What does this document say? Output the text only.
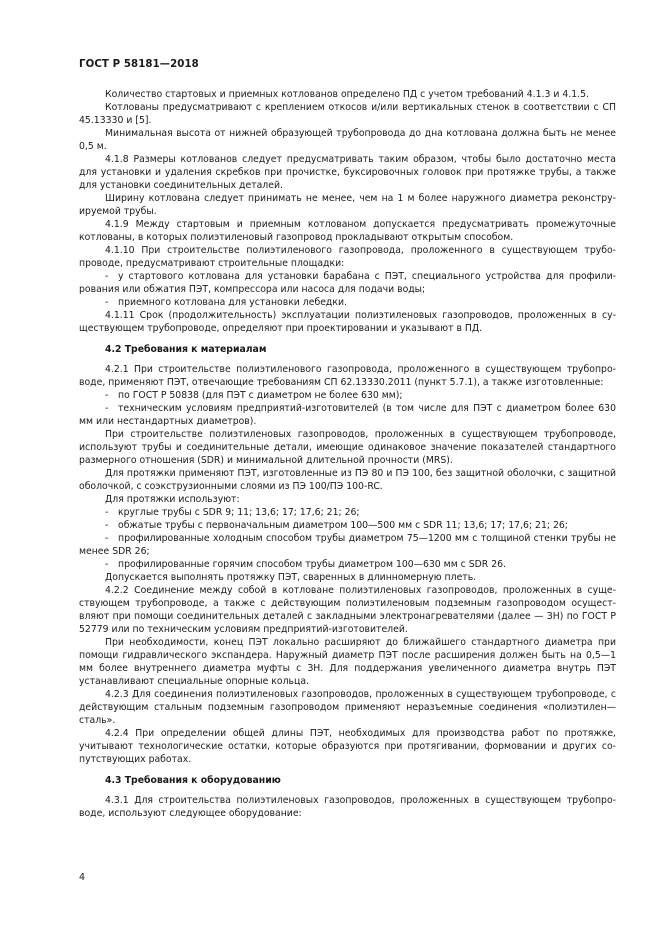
ГОСТ Р 58181—2018

Количество стартовых и приемных котлованов определено ПД с учетом требований 4.1.3 и 4.1.5.

Котлованы предусматривают с креплением откосов и/или вертикальных стенок в соответствии с СП 45.13330 и [5].

Минимальная высота от нижней образующей трубопровода до дна котлована должна быть не менее 0,5 м.

4.1.8 Размеры котлованов следует предусматривать таким образом, чтобы было достаточно места для установки и удаления скребков при прочистке, буксировочных головок при протяжке трубы, а также для установки соединительных деталей.

Ширину котлована следует принимать не менее, чем на 1 м более наружного диаметра реконструируемой трубы.

4.1.9 Между стартовым и приемным котлованом допускается предусматривать промежуточные котлованы, в которых полиэтиленовый газопровод прокладывают открытым способом.

4.1.10 При строительстве полиэтиленового газопровода, проложенного в существующем трубопроводе, предусматривают строительные площадки:

- у стартового котлована для установки барабана с ПЭТ, специального устройства для профилирования или обжатия ПЭТ, компрессора или насоса для подачи воды;

- приемного котлована для установки лебедки.

4.1.11 Срок (продолжительность) эксплуатации полиэтиленовых газопроводов, проложенных в существующем трубопроводе, определяют при проектировании и указывают в ПД.

4.2 Требования к материалам

4.2.1 При строительстве полиэтиленового газопровода, проложенного в существующем трубопроводе, применяют ПЭТ, отвечающие требованиям СП 62.13330.2011 (пункт 5.7.1), а также изготовленные:

- по ГОСТ Р 50838 (для ПЭТ с диаметром не более 630 мм);

- техническим условиям предприятий-изготовителей (в том числе для ПЭТ с диаметром более 630 мм или нестандартных диаметров).

При строительстве полиэтиленовых газопроводов, проложенных в существующем трубопроводе, используют трубы и соединительные детали, имеющие одинаковое значение показателей стандартного размерного отношения (SDR) и минимальной длительной прочности (MRS).

Для протяжки применяют ПЭТ, изготовленные из ПЭ 80 и ПЭ 100, без защитной оболочки, с защитной оболочкой, с соэкструзионными слоями из ПЭ 100/ПЭ 100-RC.

Для протяжки используют:

- круглые трубы с SDR 9; 11; 13,6; 17; 17,6; 21; 26;

- обжатые трубы с первоначальным диаметром 100—500 мм с SDR 11; 13,6; 17; 17,6; 21; 26;

- профилированные холодным способом трубы диаметром 75—1200 мм с толщиной стенки трубы не менее SDR 26;

- профилированные горячим способом трубы диаметром 100—630 мм с SDR 26.

Допускается выполнять протяжку ПЭТ, сваренных в длинномерную плеть.

4.2.2 Соединение между собой в котловане полиэтиленовых газопроводов, проложенных в существующем трубопроводе, а также с действующим полиэтиленовым подземным газопроводом осуществляют при помощи соединительных деталей с закладными электронагревателями (далее — ЗН) по ГОСТ Р 52779 или по техническим условиям предприятий-изготовителей.

При необходимости, конец ПЭТ локально расширяют до ближайшего стандартного диаметра при помощи гидравлического экспандера. Наружный диаметр ПЭТ после расширения должен быть на 0,5—1 мм более внутреннего диаметра муфты с ЗН. Для поддержания увеличенного диаметра внутрь ПЭТ устанавливают специальные опорные кольца.

4.2.3 Для соединения полиэтиленовых газопроводов, проложенных в существующем трубопроводе, с действующим стальным подземным газопроводом применяют неразъемные соединения «полиэтилен—сталь».

4.2.4 При определении общей длины ПЭТ, необходимых для производства работ по протяжке, учитывают технологические остатки, которые образуются при протягивании, формовании и других сопутствующих работах.

4.3 Требования к оборудованию

4.3.1 Для строительства полиэтиленовых газопроводов, проложенных в существующем трубопроводе, используют следующее оборудование:

4
